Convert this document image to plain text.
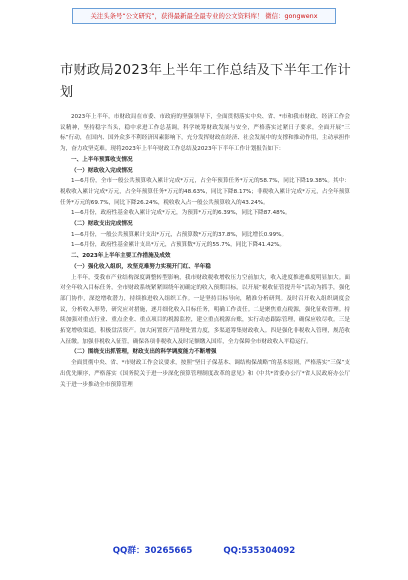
关注头条号“公文研究”，获得最新最全最专业的公文资料库！ 微信：gongwenx
市财政局2023年上半年工作总结及下半年工作计划

2023年上半年，市财政局在市委、市政府的坚强领导下，全面贯彻落实中央、省、*市和我市财政、经济工作会议精神，坚持稳字当头，稳中求进工作总基调，科学统筹财政发展与安全，严格落实过紧日子要求，全面开展“三标”行动，在国内、国外众多不利经济因素影响下，充分发挥财政在经济、社会发展中的支撑和推动作用，主动承担作为，奋力攻坚克难。现将2023年上半年财政工作总结及2023年下半年工作计划报告如下：

一、上半年预算收支情况

（一）财政收入完成情况

1—6月份，全市一般公共预算收入累计完成*万元，占全年预算任务*万元的58.7%，同比下降19.38%。其中：税收收入累计完成*万元，占全年预算任务*万元的48.63%，同比下降8.17%；非税收入累计完成*万元，占全年预算任务*万元的69.7%，同比下降26.24%，税收收入占一般公共预算收入的43.24%。

1—6月份，政府性基金收入累计完成*万元，为预算*万元的6.39%，同比下降87.48%。

（二）财政支出完成情况

1—6月份，一般公共预算累计支出*万元，占预算数*万元的37.8%，同比增长0.99%。

1—6月份，政府性基金累计支出*万元，占预算数*万元的55.7%，同比下降41.42%。

二、2023年上半年主要工作措施及成效

（一）强化收入组织，攻坚克难努力实现开门红、半年稳

上半年，受我市产业结构深度调整转型影响，我市财政税收增收压力空前加大，收入进度推进难度明显加大。面对全年收入目标任务，全市财政系统紧紧围绕年初确定的收入预期目标，以开展“税收征管提升年”活动为抓手，强化部门协作，深挖增收潜力，持续推进收入组织工作。一是坚持目标导向，精准分析研判。及时召开收入组织调度会议，分析收入形势，研究应对措施，逐月细化收入目标任务，明确工作责任。二是聚焦重点税源，强化征收管理。持续加强对重点行业、重点企业、重点项目的税源监控，建立重点税源台账，实行动态跟踪管理，确保应收尽收。三是拓宽增收渠道，积极盘活资产。加大闲置资产清理处置力度，多渠道筹集财政收入。四是强化非税收入管理，规范收入征缴。加强非税收入征管，确保各项非税收入及时足额缴入国库，全力保障全市财政收入平稳运行。

（二）围绕支出抓管理，财政支出的科学调度能力不断增强

全面贯彻中央、省、*市财政工作会议要求，按照“坚日子保基本、调结构保战略”的基本原则，严格落实“三保”支出优先顺序，严格落实《国务院关于进一步深化预算管理制度改革的意见》和《中共*省委办公厅*省人民政府办公厅关于进一步推动全市预算管理

QQ群：30265665	QQ:535304092
